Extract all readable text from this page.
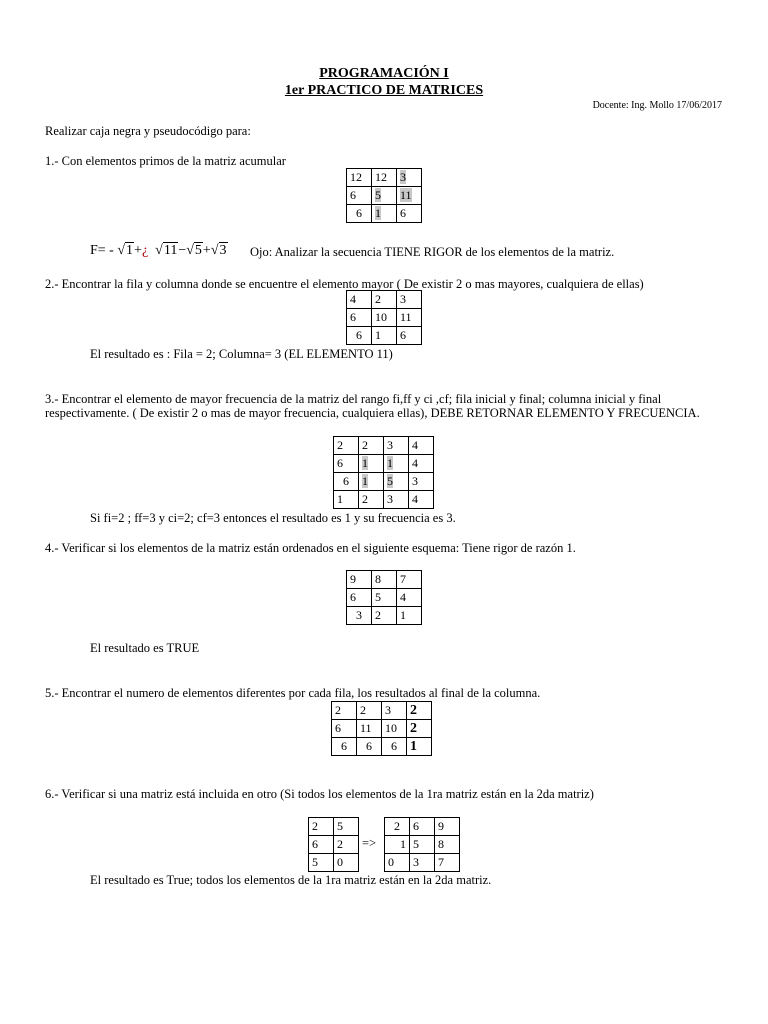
PROGRAMACIÓN I
1er PRACTICO DE MATRICES
Docente: Ing. Mollo 17/06/2017
Realizar caja negra y pseudocódigo para:
1.- Con elementos primos de la matriz acumular
12	12	3
6	5	11
6	1	6
F= - √1+¿ √11−√5+√3 Ojo: Analizar la secuencia TIENE RIGOR de los elementos de la matriz.
2.- Encontrar la fila y columna donde se encuentre el elemento mayor ( De existir 2 o mas mayores, cualquiera de ellas)
4	2	3
6	10	11
6	1	6
El resultado es : Fila = 2; Columna= 3 (EL ELEMENTO 11)
3.- Encontrar el elemento de mayor frecuencia de la matriz del rango fi,ff y ci ,cf; fila inicial y final; columna inicial y final
respectivamente. ( De existir 2 o mas de mayor frecuencia, cualquiera ellas), DEBE RETORNAR ELEMENTO Y FRECUENCIA.
2	2	3	4
6	1	1	4
6	1	5	3
1	2	3	4
Si fi=2 ; ff=3 y ci=2; cf=3 entonces el resultado es 1 y su frecuencia es 3.
4.- Verificar si los elementos de la matriz están ordenados en el siguiente esquema: Tiene rigor de razón 1.
9	8	7
6	5	4
3	2	1
El resultado es TRUE
5.- Encontrar el numero de elementos diferentes por cada fila, los resultados al final de la columna.
2	2	3	2
6	11	10	2
6	6	6	1
6.- Verificar si una matriz está incluida en otro (Si todos los elementos de la 1ra matriz están en la 2da matriz)
2	5
6	2
5	0
=>
2	6	9
1	5	8
0	3	7
El resultado es True; todos los elementos de la 1ra matriz están en la 2da matriz.
